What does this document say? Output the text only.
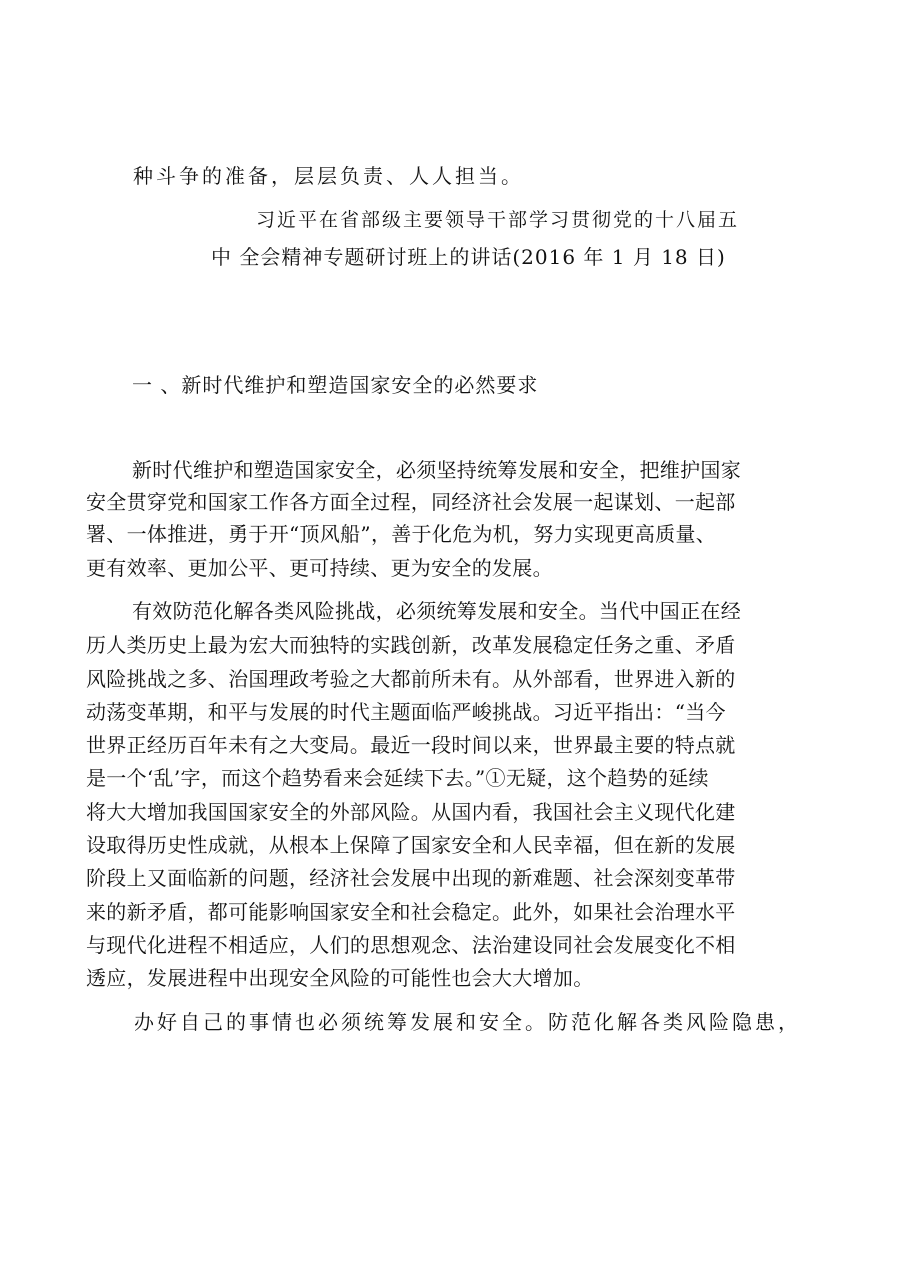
种斗争的准备，层层负责、人人担当。
习近平在省部级主要领导干部学习贯彻党的十八届五
中 全会精神专题研讨班上的讲话(2016 年 1 月 18 日)
一 、新时代维护和塑造国家安全的必然要求
新时代维护和塑造国家安全，必须坚持统筹发展和安全，把维护国家
安全贯穿党和国家工作各方面全过程，同经济社会发展一起谋划、一起部
署、一体推进，勇于开“顶风船”，善于化危为机，努力实现更高质量、
更有效率、更加公平、更可持续、更为安全的发展。
有效防范化解各类风险挑战，必须统筹发展和安全。当代中国正在经
历人类历史上最为宏大而独特的实践创新，改革发展稳定任务之重、矛盾
风险挑战之多、治国理政考验之大都前所未有。从外部看，世界进入新的
动荡变革期，和平与发展的时代主题面临严峻挑战。习近平指出：“当今
世界正经历百年未有之大变局。最近一段时间以来，世界最主要的特点就
是一个‘乱’字，而这个趋势看来会延续下去。”①无疑，这个趋势的延续
将大大增加我国国家安全的外部风险。从国内看，我国社会主义现代化建
设取得历史性成就，从根本上保障了国家安全和人民幸福，但在新的发展
阶段上又面临新的问题，经济社会发展中出现的新难题、社会深刻变革带
来的新矛盾，都可能影响国家安全和社会稳定。此外，如果社会治理水平
与现代化进程不相适应，人们的思想观念、法治建设同社会发展变化不相
透应，发展进程中出现安全风险的可能性也会大大增加。
办好自己的事情也必须统筹发展和安全。防范化解各类风险隐患，
